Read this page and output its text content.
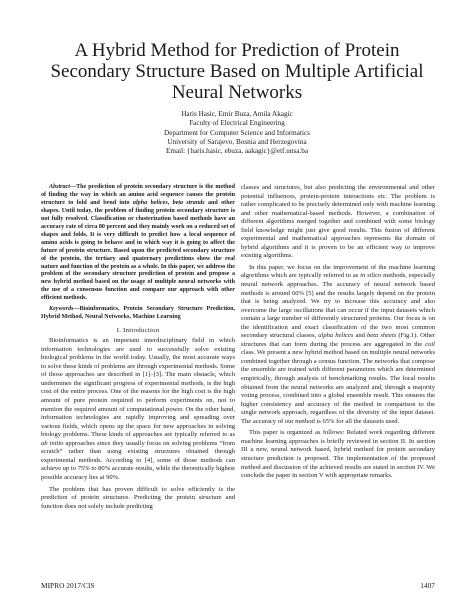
A Hybrid Method for Prediction of Protein
Secondary Structure Based on Multiple Artificial
Neural Networks
Haris Hasic, Emir Buza, Amila Akagic
Faculty of Electrical Engineering
Department for Computer Science and Informatics
University of Sarajevo, Bosnia and Herzegovina
Email: {haris.hasic, ebuza, aakagic}@etf.unsa.ba

Abstract—The prediction of protein secondary structure is the method of finding the way in which an amino acid sequence causes the protein structure to fold and bend into alpha helices, beta strands and other shapes. Until today, the problem of finding protein secondary structure is not fully resolved. Classification or clusterization based methods have an accuracy rate of circa 80 percent and they mainly work on a reduced set of shapes and folds. It is very difficult to predict how a local sequence of amino acids is going to behave and in which way it is going to affect the future of protein structure. Based upon the predicted secondary structure of the protein, the tertiary and quaternary predictions show the real nature and function of the protein as a whole. In this paper, we address the problem of the secondary structure prediction of protein and propose a new hybrid method based on the usage of multiple neural networks with the use of a consensus function and compare our approach with other efficient methods.

Keywords—Bioinformatics, Protein Secondary Structure Prediction, Hybrid Method, Neural Networks, Machine Learning

I. Introduction

Bioinformatics is an important interdisciplinary field in which information technologies are used to successfully solve existing biological problems in the world today. Usually, the most accurate ways to solve these kinds of problems are through experimental methods. Some of those approaches are described in [1]–[3]. The main obstacle, which undermines the significant progress of experimental methods, is the high cost of the entire process. One of the reasons for the high cost is the high amount of pure protein required to perform experiments on, not to mention the required amount of computational power. On the other hand, information technologies are rapidly improving and spreading over various fields, which opens up the space for new approaches in solving biology problems. These kinds of approaches are typically referred to as ab initio approaches since they usually focus on solving problems “from scratch” rather than using existing structures obtained through experimental methods. According to [4], some of those methods can achieve up to 75% to 80% accurate results, while the theoretically highest possible accuracy lies at 90%.

The problem that has proven difficult to solve efficiently is the prediction of protein structures. Predicting the protein structure and function does not solely include predicting

classes and structures, but also predicting the environmental and other potential influences, protein-protein interactions etc. The problem is rather complicated to be precisely determined only with machine learning and other mathematical-based methods. However, a combination of different algorithms merged together and combined with some biology field knowledge might just give good results. This fusion of different experimental and mathematical approaches represents the domain of hybrid algorithms and it is proven to be an efficient way to improve existing algorithms.

In this paper, we focus on the improvement of the machine learning algorithms which are typically referred to as in silico methods, especially neural network approaches. The accuracy of neural network based methods is around 60% [5] and the results largely depend on the protein that is being analyzed. We try to increase this accuracy and also overcome the large oscillations that can occur if the input datasets which contain a large number of differently structured proteins. Our focus is on the identification and exact classification of the two most common secondary structural classes, alpha helices and beta sheets (Fig.1). Other structures that can form during the process are aggregated in the coil class. We present a new hybrid method based on multiple neural networks combined together through a census function. The networks that compose the ensemble are trained with different parameters which are determined empirically, through analysis of benchmarking results. The local results obtained from the neural networks are analyzed and, through a majority voting process, combined into a global ensemble result. This ensures the higher consistency and accuracy of the method in comparison to the single network approach, regardless of the diversity of the input dataset. The accuracy of our method is 65% for all the datasets used.

This paper is organized as follows: Related work regarding different machine learning approaches is briefly reviewed in section II. In section III a new, neural network based, hybrid method for protein secondary structure prediction is proposed. The implementation of the proposed method and discussion of the achieved results are stated in section IV. We conclude the paper in section V with appropriate remarks.

MIPRO 2017/CIS	1407
